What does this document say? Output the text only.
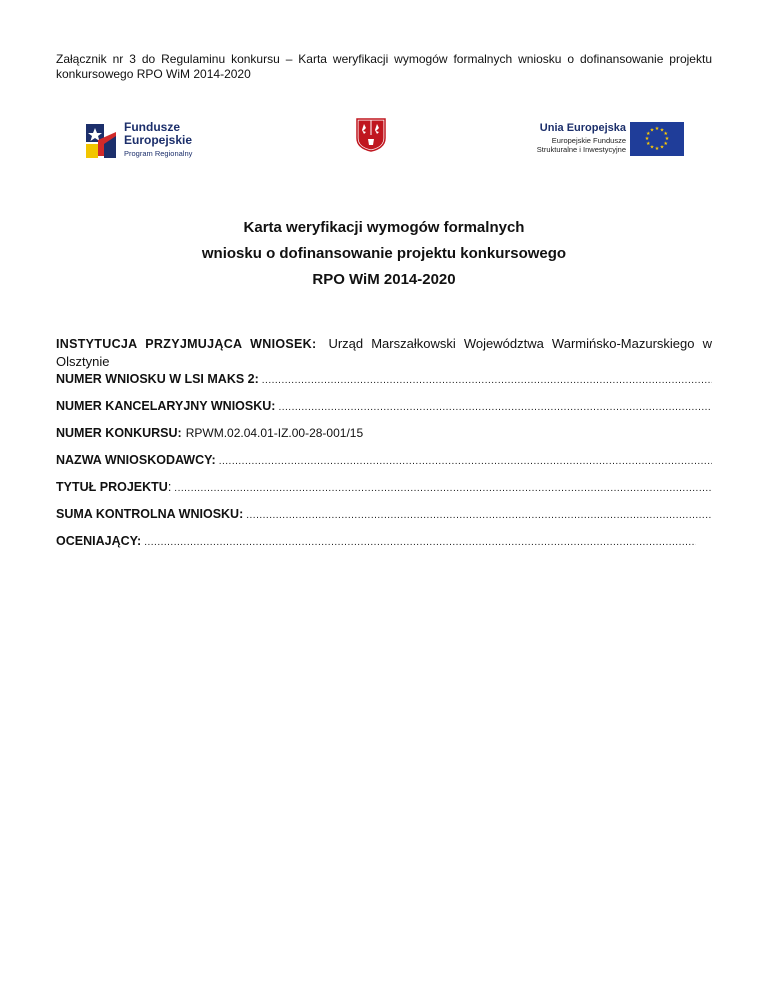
Załącznik nr 3 do Regulaminu konkursu – Karta weryfikacji wymogów formalnych wniosku o dofinansowanie projektu konkursowego RPO WiM 2014-2020
Fundusze
Europejskie
Program Regionalny
Unia Europejska
Europejskie Fundusze
Strukturalne i Inwestycyjne
★ ★
★
★
★
★
★
★
★
★
★
★
Karta weryfikacji wymogów formalnych
wniosku o dofinansowanie projektu konkursowego
RPO WiM 2014-2020
INSTYTUCJA PRZYJMUJĄCA WNIOSEK: Urząd Marszałkowski Województwa Warmińsko-Mazurskiego w Olsztynie
NUMER WNIOSKU W LSI MAKS 2:
.....
NUMER KANCELARYJNY WNIOSKU:
.....
NUMER KONKURSU: RPWM.02.04.01-IZ.00-28-001/15
NAZWA WNIOSKODAWCY:
.....
TYTUŁ PROJEKTU :
.....
SUMA KONTROLNA WNIOSKU:
.....
OCENIAJĄCY:
.....
